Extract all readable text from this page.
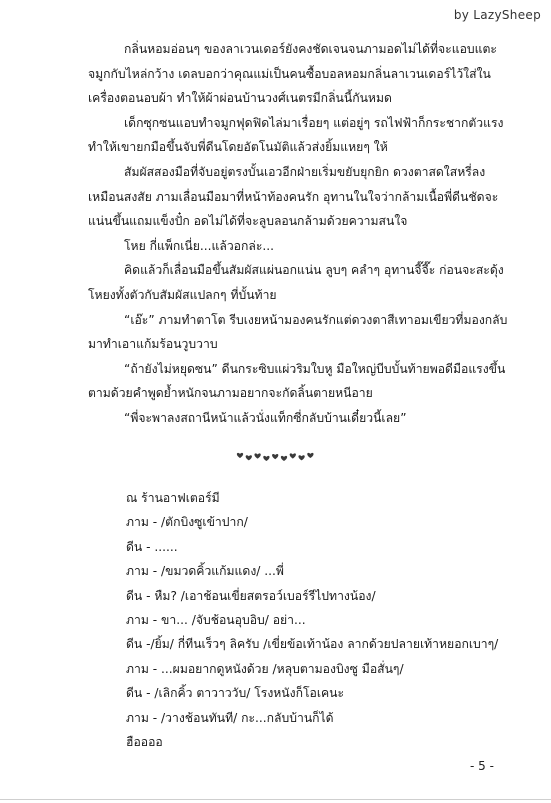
by LazySheep

กลิ่นหอมอ่อนๆ ของลาเวนเดอร์ยังคงชัดเจนจนภามอดไม่ได้ที่จะแอบแตะจมูกกับไหล่กว้าง เดลบอกว่าคุณแม่เป็นคนซื้อบอลหอมกลิ่นลาเวนเดอร์ไว้ใส่ในเครื่องตอนอบผ้า ทำให้ผ้าผ่อนบ้านวงศ์เนตรมีกลิ่นนี้กันหมด

เด็กซุกซนแอบทำจมูกฟุดฟิดไล่มาเรื่อยๆ แต่อยู่ๆ รถไฟฟ้าก็กระชากตัวแรง ทำให้เขายกมือขึ้นจับพี่ดีนโดยอัตโนมัติแล้วส่งยิ้มแหยๆ ให้

สัมผัสสองมือที่จับอยู่ตรงบั้นเอวอีกฝ่ายเริ่มขยับยุกยิก ดวงตาสดใสหรี่ลงเหมือนสงสัย ภามเลื่อนมือมาที่หน้าท้องคนรัก อุทานในใจว่ากล้ามเนื้อพี่ดีนชัดจะแน่นขึ้นแถมแข็งปั๋ก อดไม่ได้ที่จะลูบลอนกล้ามด้วยความสนใจ

โหย กี่แพ็กเนี่ย...แล้วอกล่ะ...

คิดแล้วก็เลื่อนมือขึ้นสัมผัสแผ่นอกแน่น ลูบๆ คลำๆ อุทานจี๊จี๊ะ ก่อนจะสะดุ้งโหยงทั้งตัวกับสัมผัสแปลกๆ ที่บั้นท้าย

“เอ๊ะ” ภามทำตาโต รีบเงยหน้ามองคนรักแต่ดวงตาสีเทาอมเขียวที่มองกลับมาทำเอาแก้มร้อนวูบวาบ

“ถ้ายังไม่หยุดซน” ดีนกระซิบแผ่วริมใบหู มือใหญ่บีบบั้นท้ายพอดีมือแรงขึ้น ตามด้วยคำพูดย้ำหนักจนภามอยากจะกัดลิ้นตายหนีอาย

“พี่จะพาลงสถานีหน้าแล้วนั่งแท็กซี่กลับบ้านเดี๋ยวนี้เลย”

ณ ร้านอาฟเตอร์มี

ภาม - /ตักบิงซูเข้าปาก/

ดีน - ......

ภาม - /ขมวดคิ้วแก้มแดง/ ...พี่

ดีน - หืม? /เอาช้อนเขี่ยสตรอว์เบอร์รีไปทางน้อง/

ภาม - ขา... /จับช้อนอุบอิบ/ อย่า...

ดีน -/ยิ้ม/ กี่ทีนเร็วๆ ลิครับ /เขี่ยข้อเท้าน้อง ลากด้วยปลายเท้าหยอกเบาๆ/

ภาม - ...ผมอยากดูหนังด้วย /หลุบตามองบิงซู มือสั่นๆ/

ดีน - /เลิกคิ้ว ตาวาววับ/ โรงหนังก็โอเคนะ

ภาม - /วางช้อนทันที/ กะ...กลับบ้านก็ได้

ฮืออออ

- 5 -
